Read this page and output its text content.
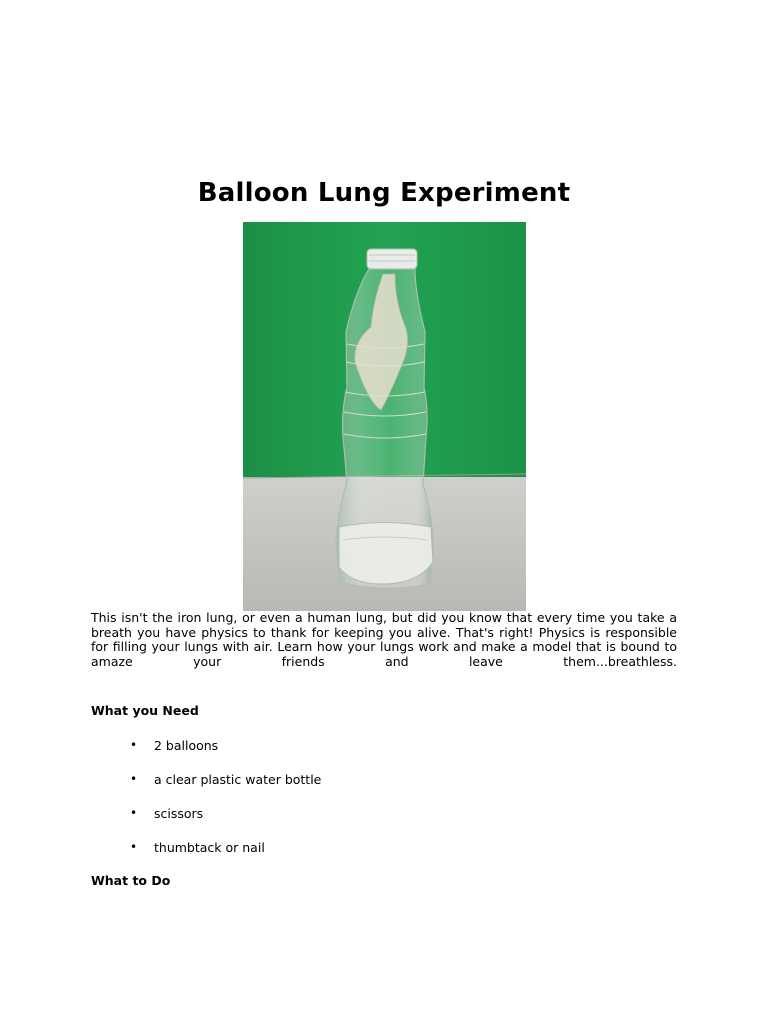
Balloon Lung Experiment

This isn't the iron lung, or even a human lung, but did you know that every time you take a breath you have physics to thank for keeping you alive. That's right! Physics is responsible for filling your lungs with air. Learn how your lungs work and make a model that is bound to amaze your friends and leave them...breathless.

What you Need
• 2 balloons
• a clear plastic water bottle
• scissors
• thumbtack or nail
What to Do
